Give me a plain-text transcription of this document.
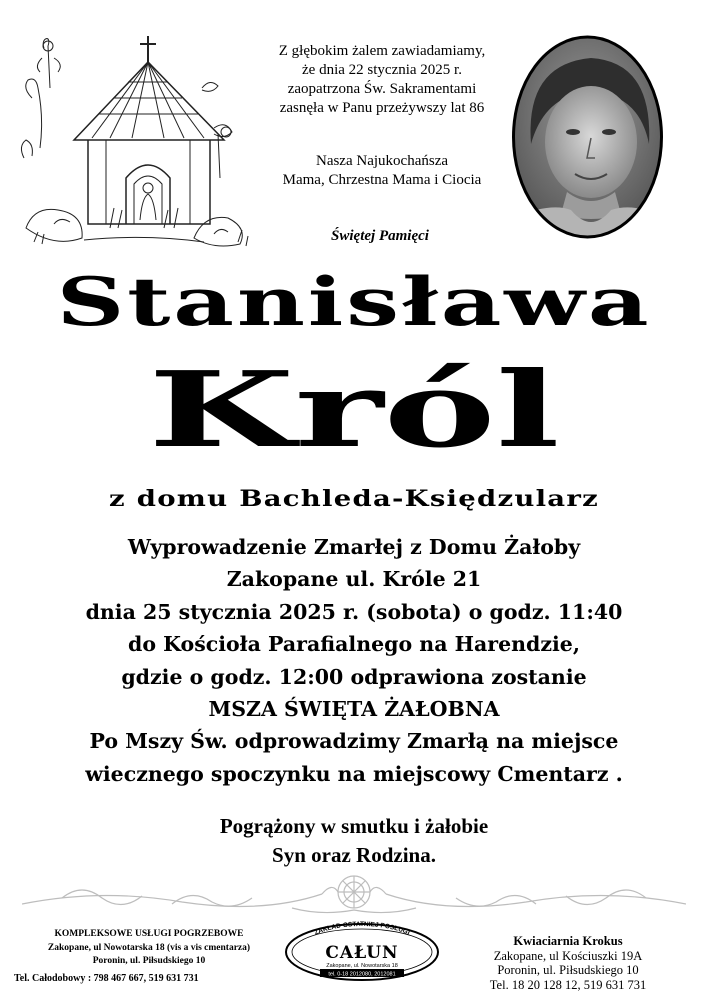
Z głębokim żalem zawiadamiamy,
że dnia 22 stycznia 2025 r.
zaopatrzona Św. Sakramentami
zasnęła w Panu przeżywszy lat 86
Nasza Najukochańsza
Mama, Chrzestna Mama i Ciocia
Świętej Pamięci
Stanisława
Król
z domu Bachleda-Księdzularz
Wyprowadzenie Zmarłej z Domu Żałoby
Zakopane ul. Króle 21
dnia 25 stycznia 2025 r. (sobota) o godz. 11:40
do Kościoła Parafialnego na Harendzie,
gdzie o godz. 12:00 odprawiona zostanie
MSZA ŚWIĘTA ŻAŁOBNA
Po Mszy Św. odprowadzimy Zmarłą na miejsce
wiecznego spoczynku na miejscowy Cmentarz .
Pogrążony w smutku i żałobie
Syn oraz Rodzina.
KOMPLEKSOWE USŁUGI POGRZEBOWE
Zakopane, ul Nowotarska 18 (vis a vis cmentarza)
Poronin, ul. Piłsudskiego 10
Tel. Całodobowy : 798 467 667, 519 631 731
ZAKŁAD OSTATNIEJ POSŁUGI
CAŁUN
Zakopane, ul. Nowotarska 18
tel. 0-18 2012080, 2012081
Kwiaciarnia Krokus
Zakopane, ul Kościuszki 19A
Poronin, ul. Piłsudskiego 10
Tel. 18 20 128 12, 519 631 731
